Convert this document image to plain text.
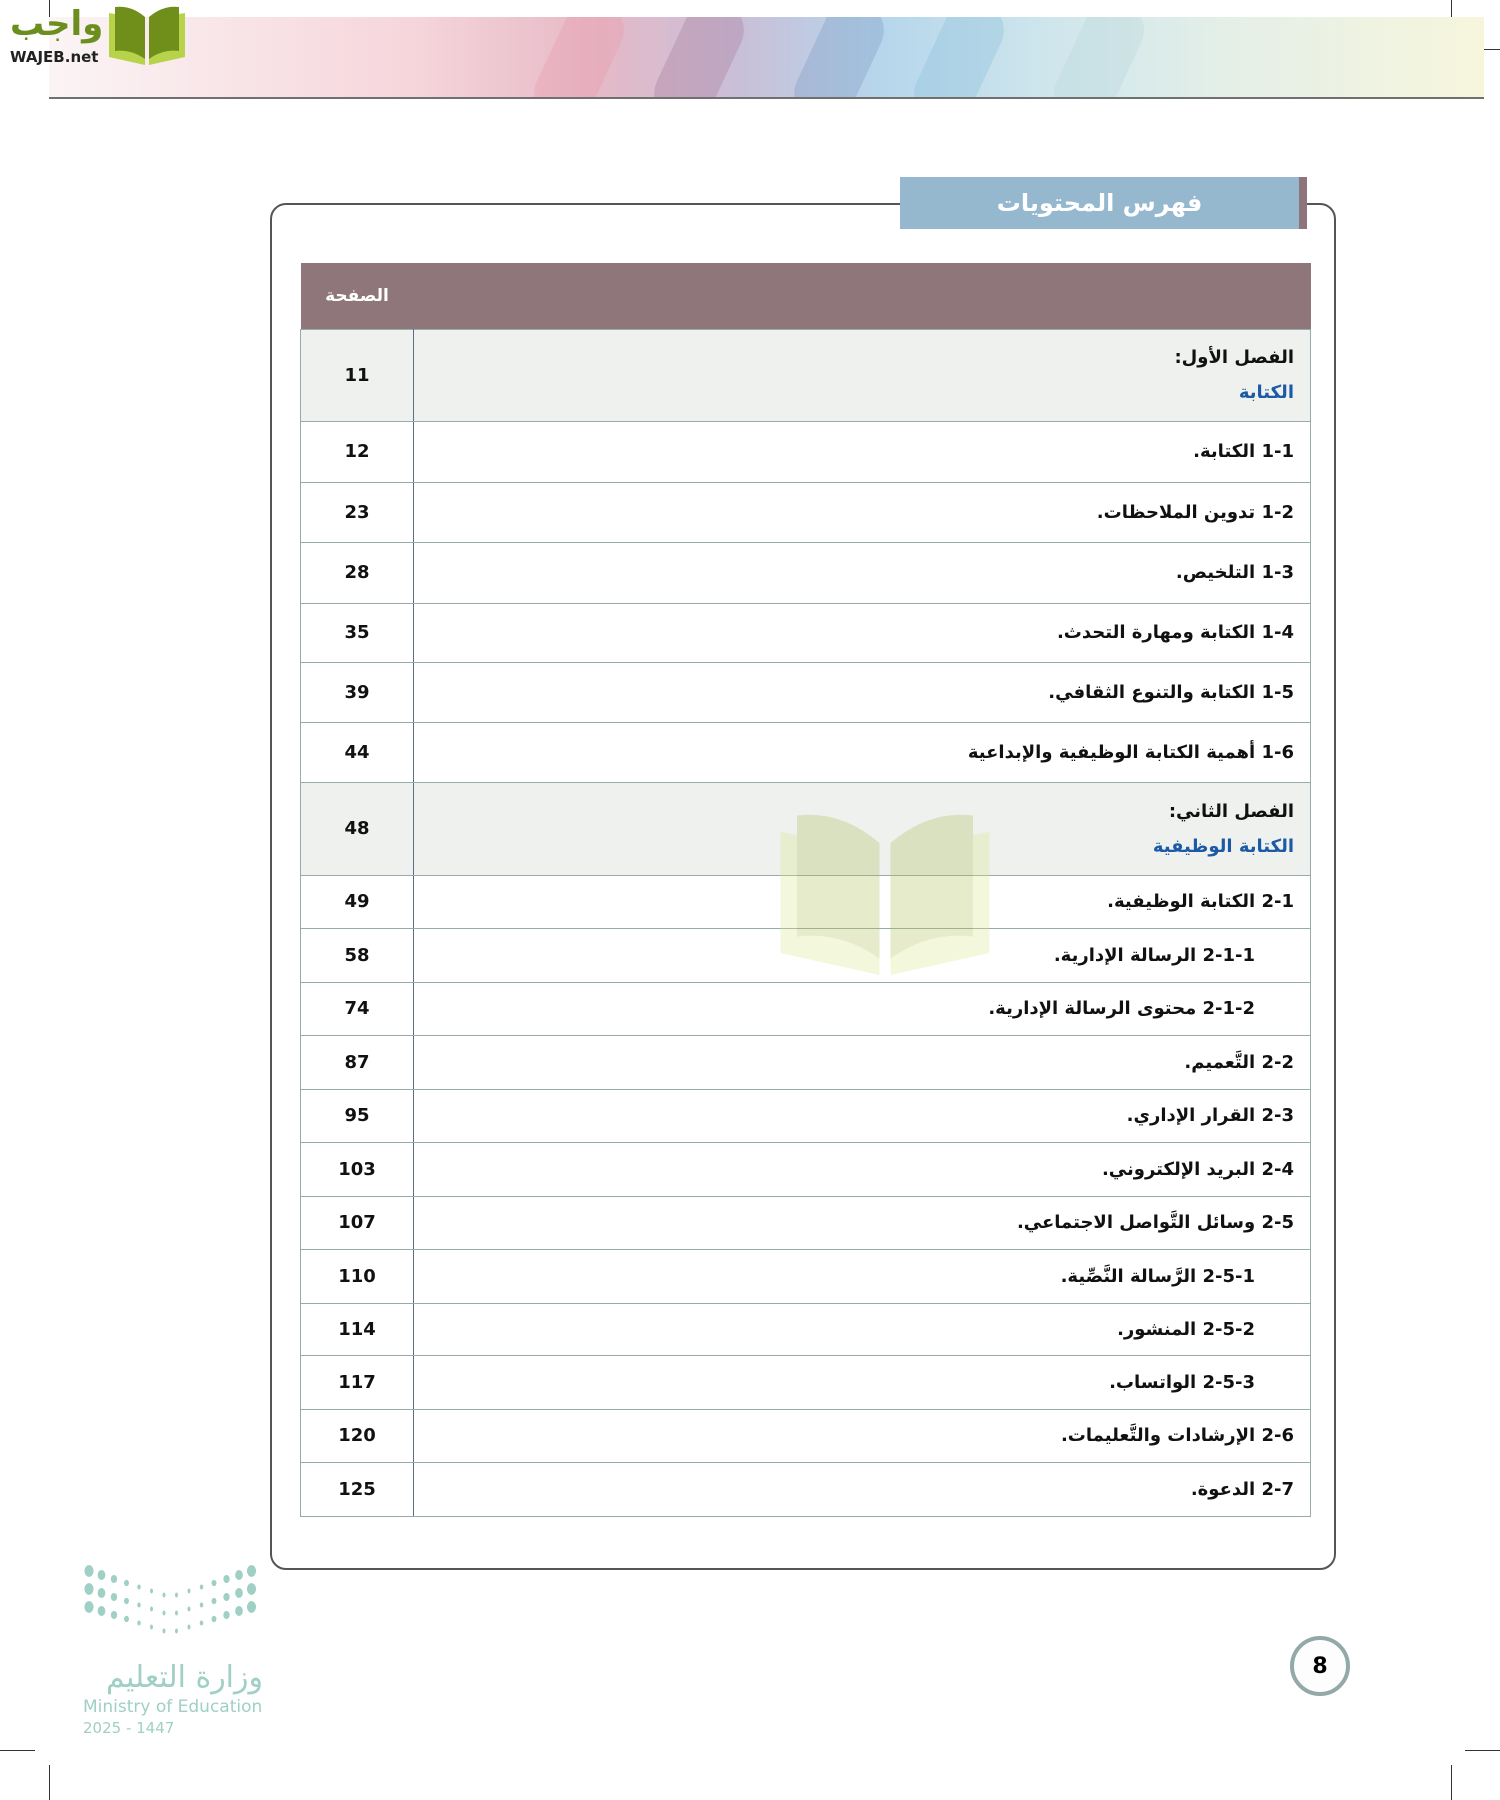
واجب
WAJEB.net
فهرس المحتويات
الصفحة	
11	الفصل الأول:
الكتابة

12	1-1 الكتابة.
23	1-2 تدوين الملاحظات.
28	1-3 التلخيص.
35	1-4 الكتابة ومهارة التحدث.
39	1-5 الكتابة والتنوع الثقافي.
44	1-6 أهمية الكتابة الوظيفية والإبداعية
48	الفصل الثاني:
الكتابة الوظيفية

49	2-1 الكتابة الوظيفية.
58	2-1-1 الرسالة الإدارية.
74	2-1-2 محتوى الرسالة الإدارية.
87	2-2 التَّعميم.
95	2-3 القرار الإداري.
103	2-4 البريد الإلكتروني.
107	2-5 وسائل التَّواصل الاجتماعي.
110	2-5-1 الرَّسالة النَّصِّية.
114	2-5-2 المنشور.
117	2-5-3 الواتساب.
120	2-6 الإرشادات والتَّعليمات.
125	2-7 الدعوة.
وزارة التعليم
Ministry of Education
2025 - 1447
8
